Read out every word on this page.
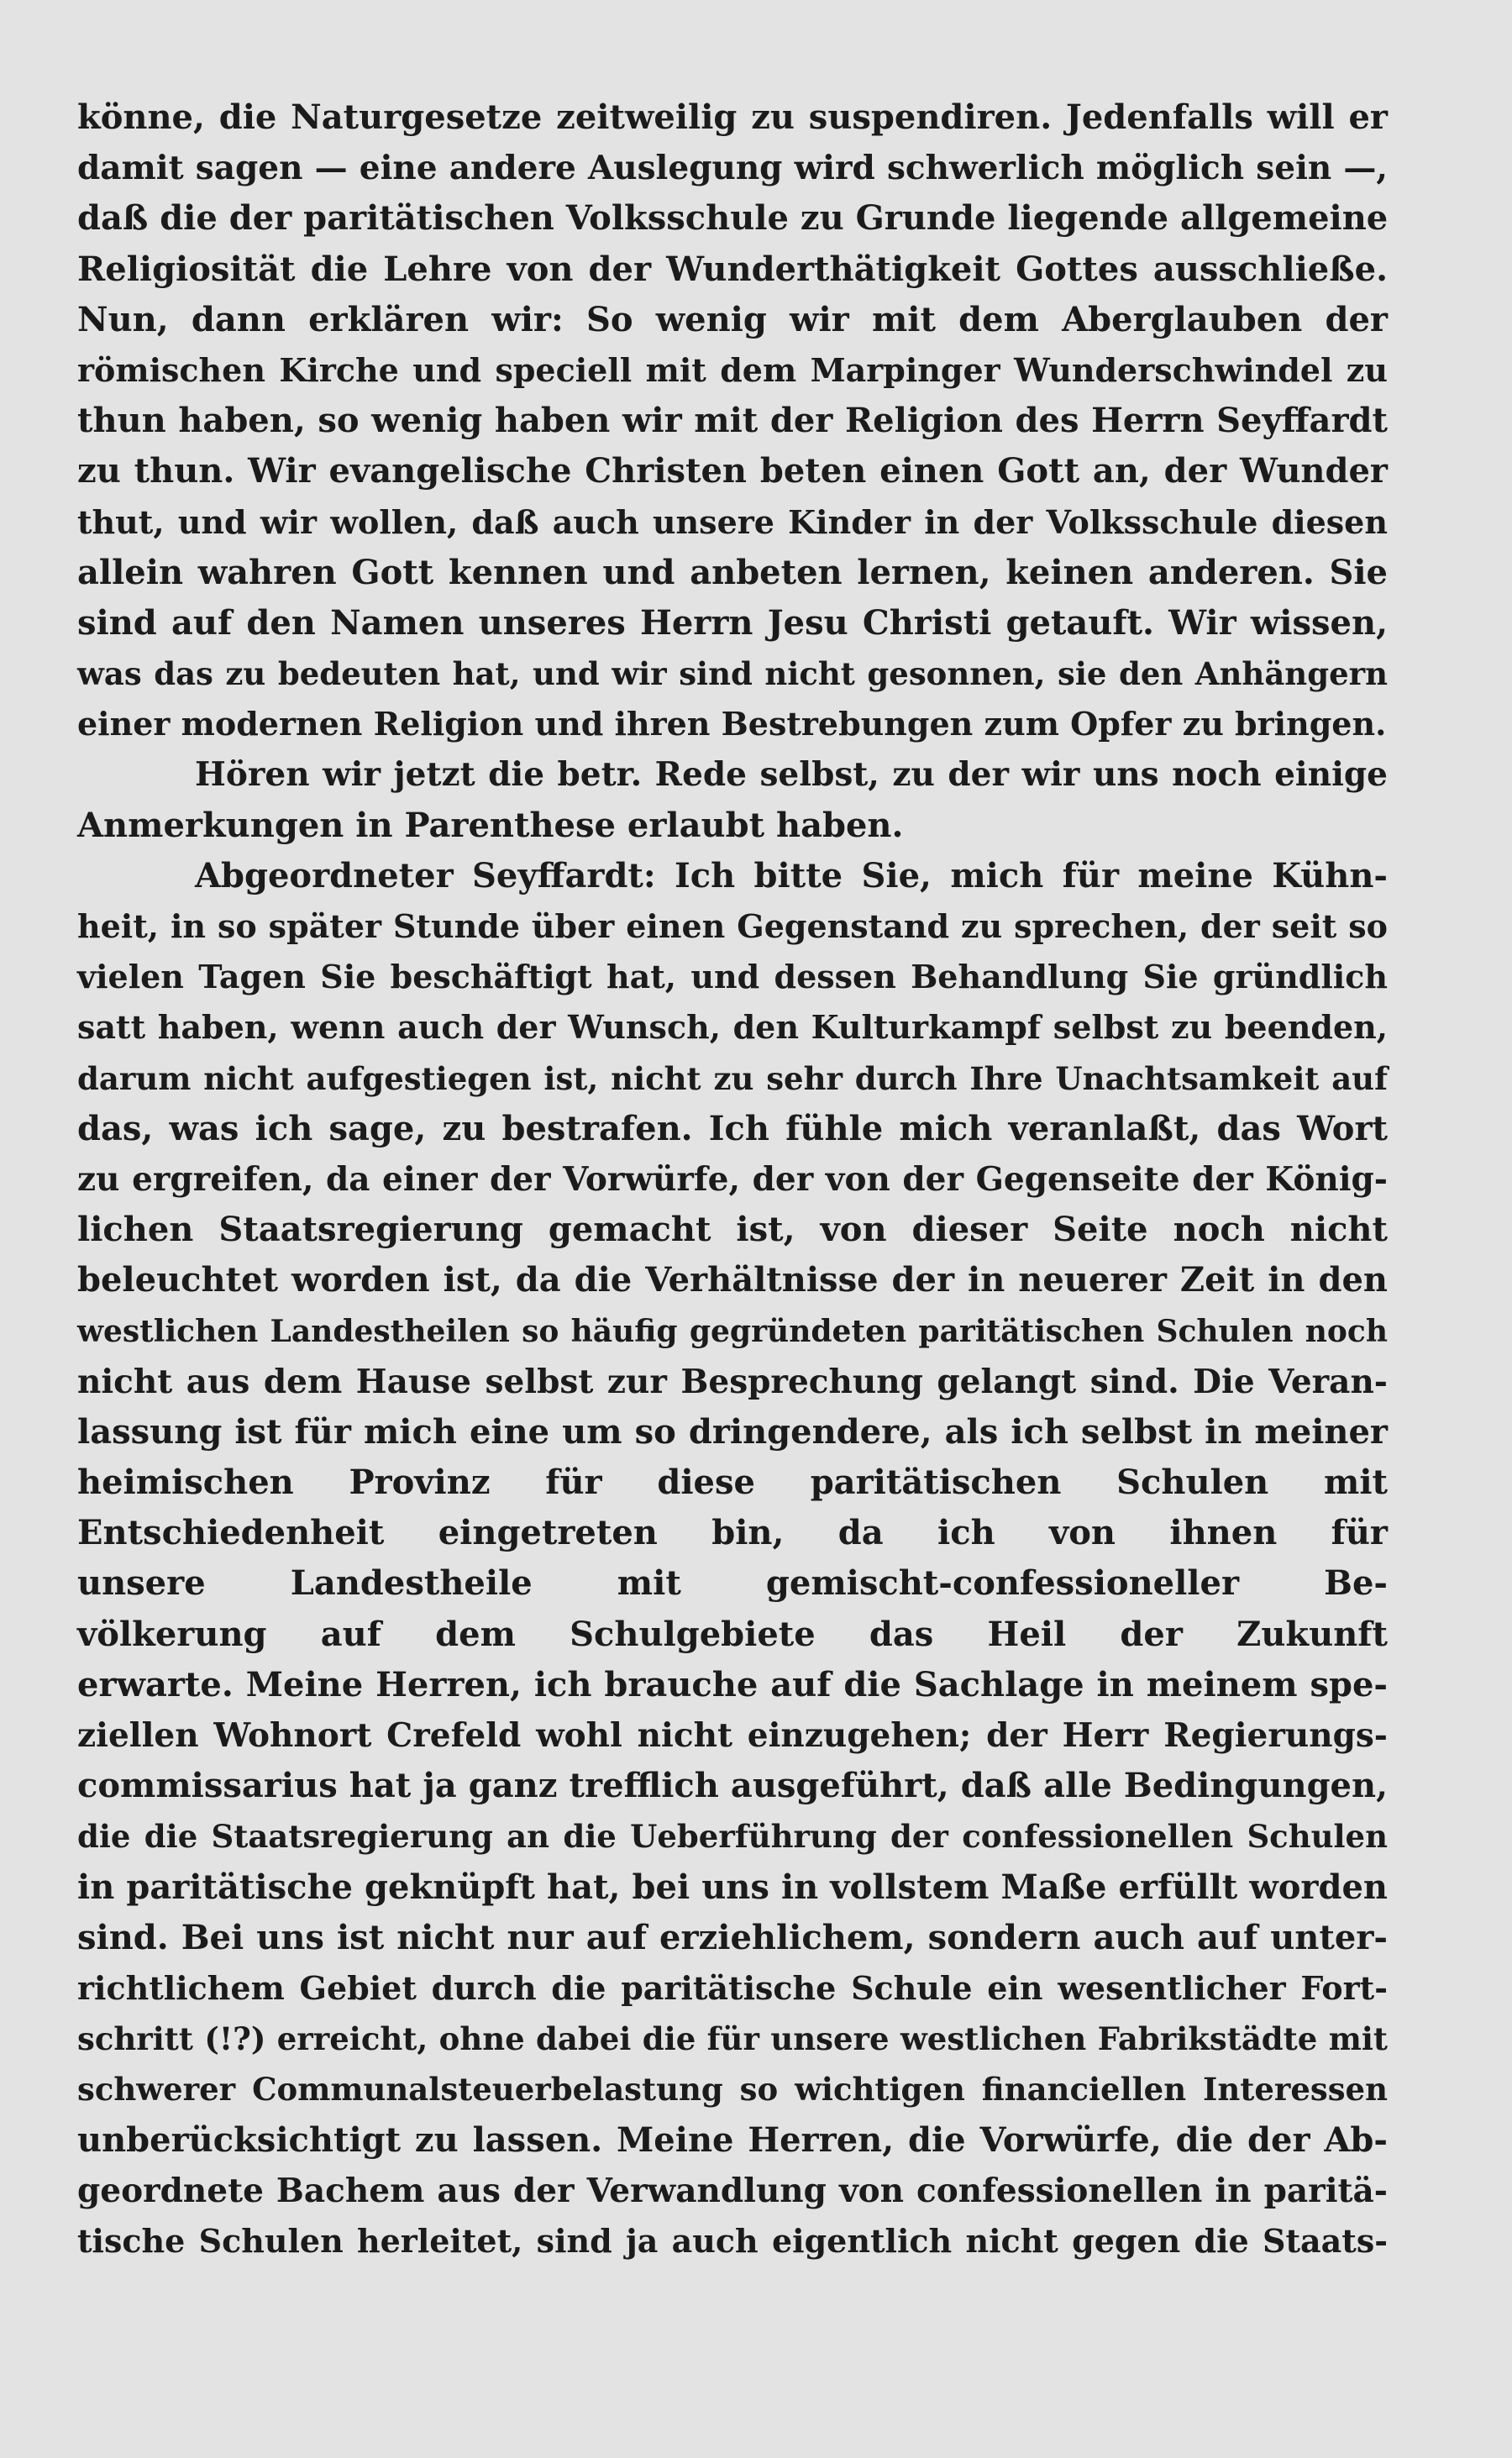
könne, die Naturgesetze zeitweilig zu suspendiren. Jedenfalls will er
damit sagen — eine andere Auslegung wird schwerlich möglich sein —,
daß die der paritätischen Volksschule zu Grunde liegende allgemeine
Religiosität die Lehre von der Wunderthätigkeit Gottes ausschließe.
Nun, dann erklären wir: So wenig wir mit dem Aberglauben der
römischen Kirche und speciell mit dem Marpinger Wunderschwindel zu
thun haben, so wenig haben wir mit der Religion des Herrn Seyffardt
zu thun. Wir evangelische Christen beten einen Gott an, der Wunder
thut, und wir wollen, daß auch unsere Kinder in der Volksschule diesen
allein wahren Gott kennen und anbeten lernen, keinen anderen. Sie
sind auf den Namen unseres Herrn Jesu Christi getauft. Wir wissen,
was das zu bedeuten hat, und wir sind nicht gesonnen, sie den Anhängern
einer modernen Religion und ihren Bestrebungen zum Opfer zu bringen.
Hören wir jetzt die betr. Rede selbst, zu der wir uns noch einige
Anmerkungen in Parenthese erlaubt haben.
Abgeordneter Seyffardt: Ich bitte Sie, mich für meine Kühn-
heit, in so später Stunde über einen Gegenstand zu sprechen, der seit so
vielen Tagen Sie beschäftigt hat, und dessen Behandlung Sie gründlich
satt haben, wenn auch der Wunsch, den Kulturkampf selbst zu beenden,
darum nicht aufgestiegen ist, nicht zu sehr durch Ihre Unachtsamkeit auf
das, was ich sage, zu bestrafen. Ich fühle mich veranlaßt, das Wort
zu ergreifen, da einer der Vorwürfe, der von der Gegenseite der König-
lichen Staatsregierung gemacht ist, von dieser Seite noch nicht
beleuchtet worden ist, da die Verhältnisse der in neuerer Zeit in den
westlichen Landestheilen so häufig gegründeten paritätischen Schulen noch
nicht aus dem Hause selbst zur Besprechung gelangt sind. Die Veran-
lassung ist für mich eine um so dringendere, als ich selbst in meiner
heimischen Provinz für diese paritätischen Schulen mit
Entschiedenheit eingetreten bin, da ich von ihnen für
unsere Landestheile mit gemischt-confessioneller Be-
völkerung auf dem Schulgebiete das Heil der Zukunft
erwarte. Meine Herren, ich brauche auf die Sachlage in meinem spe-
ziellen Wohnort Crefeld wohl nicht einzugehen; der Herr Regierungs-
commissarius hat ja ganz trefflich ausgeführt, daß alle Bedingungen,
die die Staatsregierung an die Ueberführung der confessionellen Schulen
in paritätische geknüpft hat, bei uns in vollstem Maße erfüllt worden
sind. Bei uns ist nicht nur auf erziehlichem, sondern auch auf unter-
richtlichem Gebiet durch die paritätische Schule ein wesentlicher Fort-
schritt (!?) erreicht, ohne dabei die für unsere westlichen Fabrikstädte mit
schwerer Communalsteuerbelastung so wichtigen financiellen Interessen
unberücksichtigt zu lassen. Meine Herren, die Vorwürfe, die der Ab-
geordnete Bachem aus der Verwandlung von confessionellen in paritä-
tische Schulen herleitet, sind ja auch eigentlich nicht gegen die Staats-
